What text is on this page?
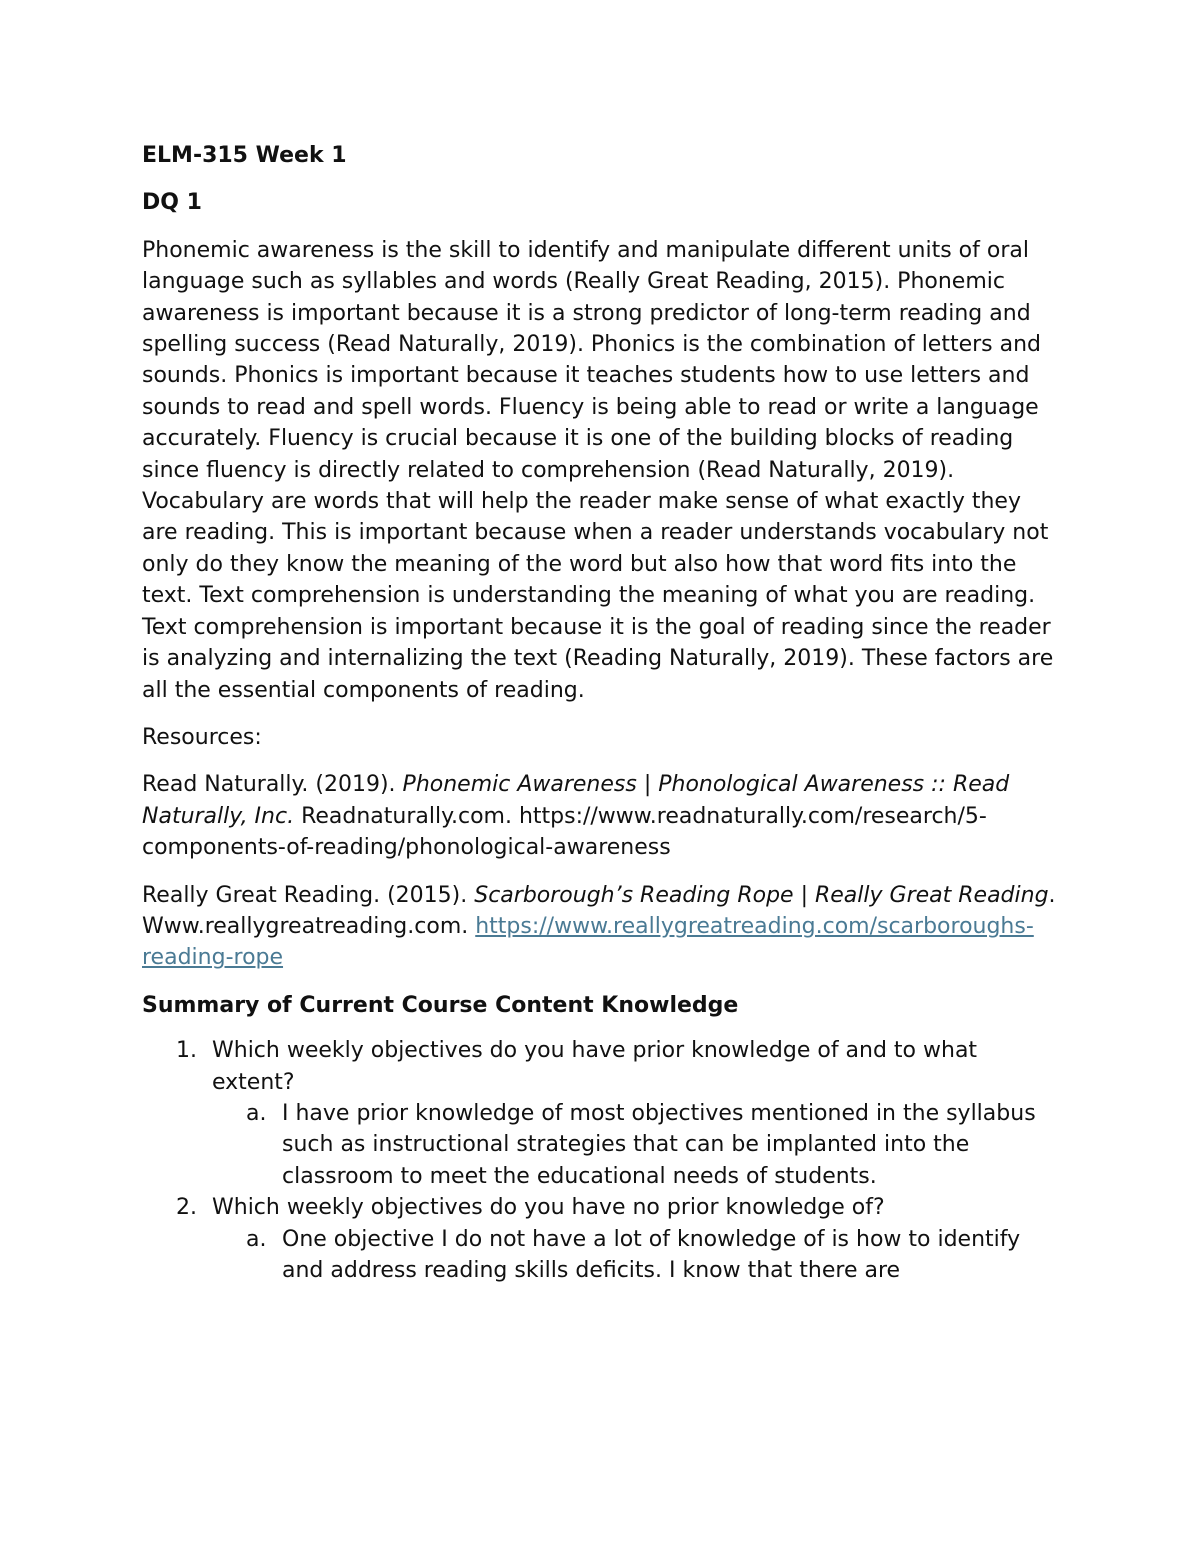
ELM-315 Week 1

DQ 1

Phonemic awareness is the skill to identify and manipulate different units of oral language such as syllables and words (Really Great Reading, 2015). Phonemic awareness is important because it is a strong predictor of long-term reading and spelling success (Read Naturally, 2019). Phonics is the combination of letters and sounds. Phonics is important because it teaches students how to use letters and sounds to read and spell words. Fluency is being able to read or write a language accurately. Fluency is crucial because it is one of the building blocks of reading since fluency is directly related to comprehension (Read Naturally, 2019). Vocabulary are words that will help the reader make sense of what exactly they are reading. This is important because when a reader understands vocabulary not only do they know the meaning of the word but also how that word fits into the text. Text comprehension is understanding the meaning of what you are reading. Text comprehension is important because it is the goal of reading since the reader is analyzing and internalizing the text (Reading Naturally, 2019). These factors are all the essential components of reading.

Resources:

Read Naturally. (2019). Phonemic Awareness | Phonological Awareness :: Read Naturally, Inc. Readnaturally.com. https://www.readnaturally.com/research/5-components-of-reading/phonological-awareness

Really Great Reading. (2015). Scarborough’s Reading Rope | Really Great Reading. Www.reallygreatreading.com. https://www.reallygreatreading.com/scarboroughs-reading-rope

Summary of Current Course Content Knowledge

1. Which weekly objectives do you have prior knowledge of and to what extent?
a. I have prior knowledge of most objectives mentioned in the syllabus such as instructional strategies that can be implanted into the classroom to meet the educational needs of students.
2. Which weekly objectives do you have no prior knowledge of?
a. One objective I do not have a lot of knowledge of is how to identify and address reading skills deficits. I know that there are
